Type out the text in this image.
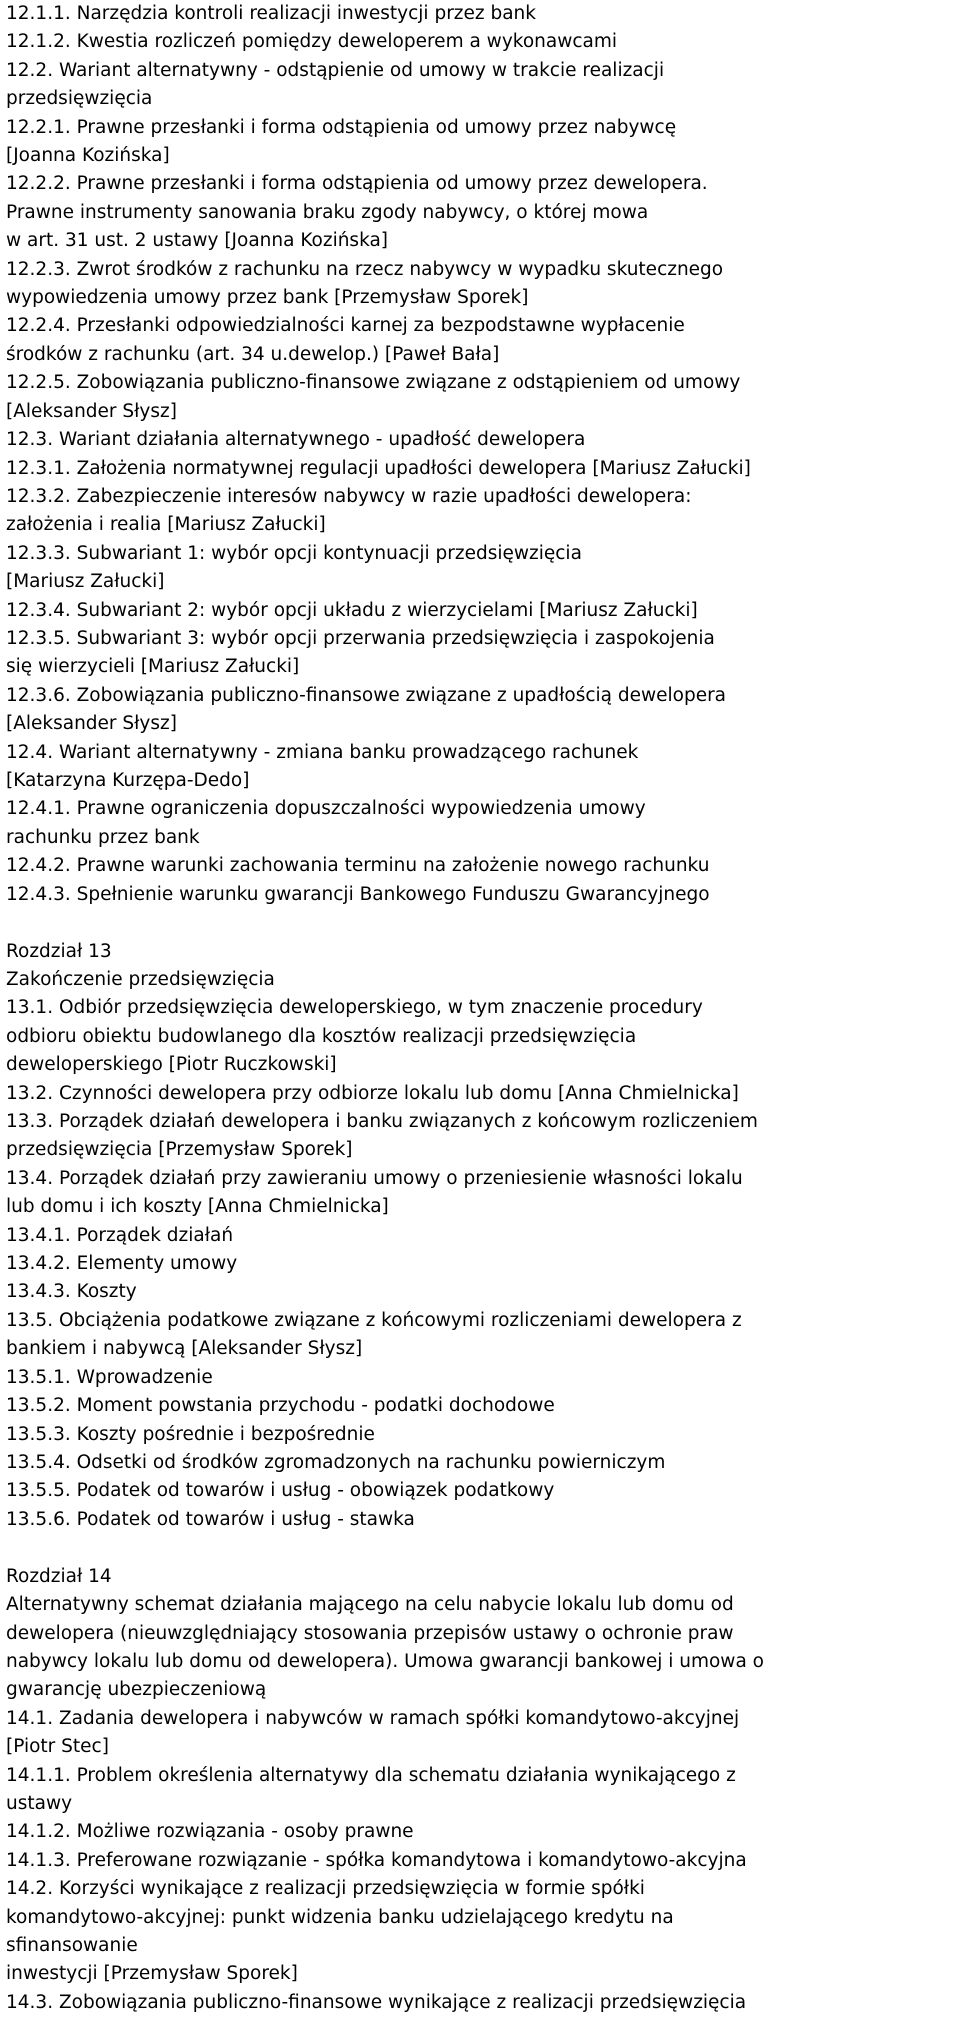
12.1.1. Narzędzia kontroli realizacji inwestycji przez bank
12.1.2. Kwestia rozliczeń pomiędzy deweloperem a wykonawcami
12.2. Wariant alternatywny - odstąpienie od umowy w trakcie realizacji
przedsięwzięcia
12.2.1. Prawne przesłanki i forma odstąpienia od umowy przez nabywcę
[Joanna Kozińska]
12.2.2. Prawne przesłanki i forma odstąpienia od umowy przez dewelopera.
Prawne instrumenty sanowania braku zgody nabywcy, o której mowa
w art. 31 ust. 2 ustawy [Joanna Kozińska]
12.2.3. Zwrot środków z rachunku na rzecz nabywcy w wypadku skutecznego
wypowiedzenia umowy przez bank [Przemysław Sporek]
12.2.4. Przesłanki odpowiedzialności karnej za bezpodstawne wypłacenie
środków z rachunku (art. 34 u.dewelop.) [Paweł Bała]
12.2.5. Zobowiązania publiczno-finansowe związane z odstąpieniem od umowy
[Aleksander Słysz]
12.3. Wariant działania alternatywnego - upadłość dewelopera
12.3.1. Założenia normatywnej regulacji upadłości dewelopera [Mariusz Załucki]
12.3.2. Zabezpieczenie interesów nabywcy w razie upadłości dewelopera:
założenia i realia [Mariusz Załucki]
12.3.3. Subwariant 1: wybór opcji kontynuacji przedsięwzięcia
[Mariusz Załucki]
12.3.4. Subwariant 2: wybór opcji układu z wierzycielami [Mariusz Załucki]
12.3.5. Subwariant 3: wybór opcji przerwania przedsięwzięcia i zaspokojenia
się wierzycieli [Mariusz Załucki]
12.3.6. Zobowiązania publiczno-finansowe związane z upadłością dewelopera
[Aleksander Słysz]
12.4. Wariant alternatywny - zmiana banku prowadzącego rachunek
[Katarzyna Kurzępa-Dedo]
12.4.1. Prawne ograniczenia dopuszczalności wypowiedzenia umowy
rachunku przez bank
12.4.2. Prawne warunki zachowania terminu na założenie nowego rachunku
12.4.3. Spełnienie warunku gwarancji Bankowego Funduszu Gwarancyjnego
Rozdział 13
Zakończenie przedsięwzięcia
13.1. Odbiór przedsięwzięcia deweloperskiego, w tym znaczenie procedury
odbioru obiektu budowlanego dla kosztów realizacji przedsięwzięcia
deweloperskiego [Piotr Ruczkowski]
13.2. Czynności dewelopera przy odbiorze lokalu lub domu [Anna Chmielnicka]
13.3. Porządek działań dewelopera i banku związanych z końcowym rozliczeniem
przedsięwzięcia [Przemysław Sporek]
13.4. Porządek działań przy zawieraniu umowy o przeniesienie własności lokalu
lub domu i ich koszty [Anna Chmielnicka]
13.4.1. Porządek działań
13.4.2. Elementy umowy
13.4.3. Koszty
13.5. Obciążenia podatkowe związane z końcowymi rozliczeniami dewelopera z
bankiem i nabywcą [Aleksander Słysz]
13.5.1. Wprowadzenie
13.5.2. Moment powstania przychodu - podatki dochodowe
13.5.3. Koszty pośrednie i bezpośrednie
13.5.4. Odsetki od środków zgromadzonych na rachunku powierniczym
13.5.5. Podatek od towarów i usług - obowiązek podatkowy
13.5.6. Podatek od towarów i usług - stawka
Rozdział 14
Alternatywny schemat działania mającego na celu nabycie lokalu lub domu od
dewelopera (nieuwzględniający stosowania przepisów ustawy o ochronie praw
nabywcy lokalu lub domu od dewelopera). Umowa gwarancji bankowej i umowa o
gwarancję ubezpieczeniową
14.1. Zadania dewelopera i nabywców w ramach spółki komandytowo-akcyjnej
[Piotr Stec]
14.1.1. Problem określenia alternatywy dla schematu działania wynikającego z
ustawy
14.1.2. Możliwe rozwiązania - osoby prawne
14.1.3. Preferowane rozwiązanie - spółka komandytowa i komandytowo-akcyjna
14.2. Korzyści wynikające z realizacji przedsięwzięcia w formie spółki
komandytowo-akcyjnej: punkt widzenia banku udzielającego kredytu na
sfinansowanie
inwestycji [Przemysław Sporek]
14.3. Zobowiązania publiczno-finansowe wynikające z realizacji przedsięwzięcia
